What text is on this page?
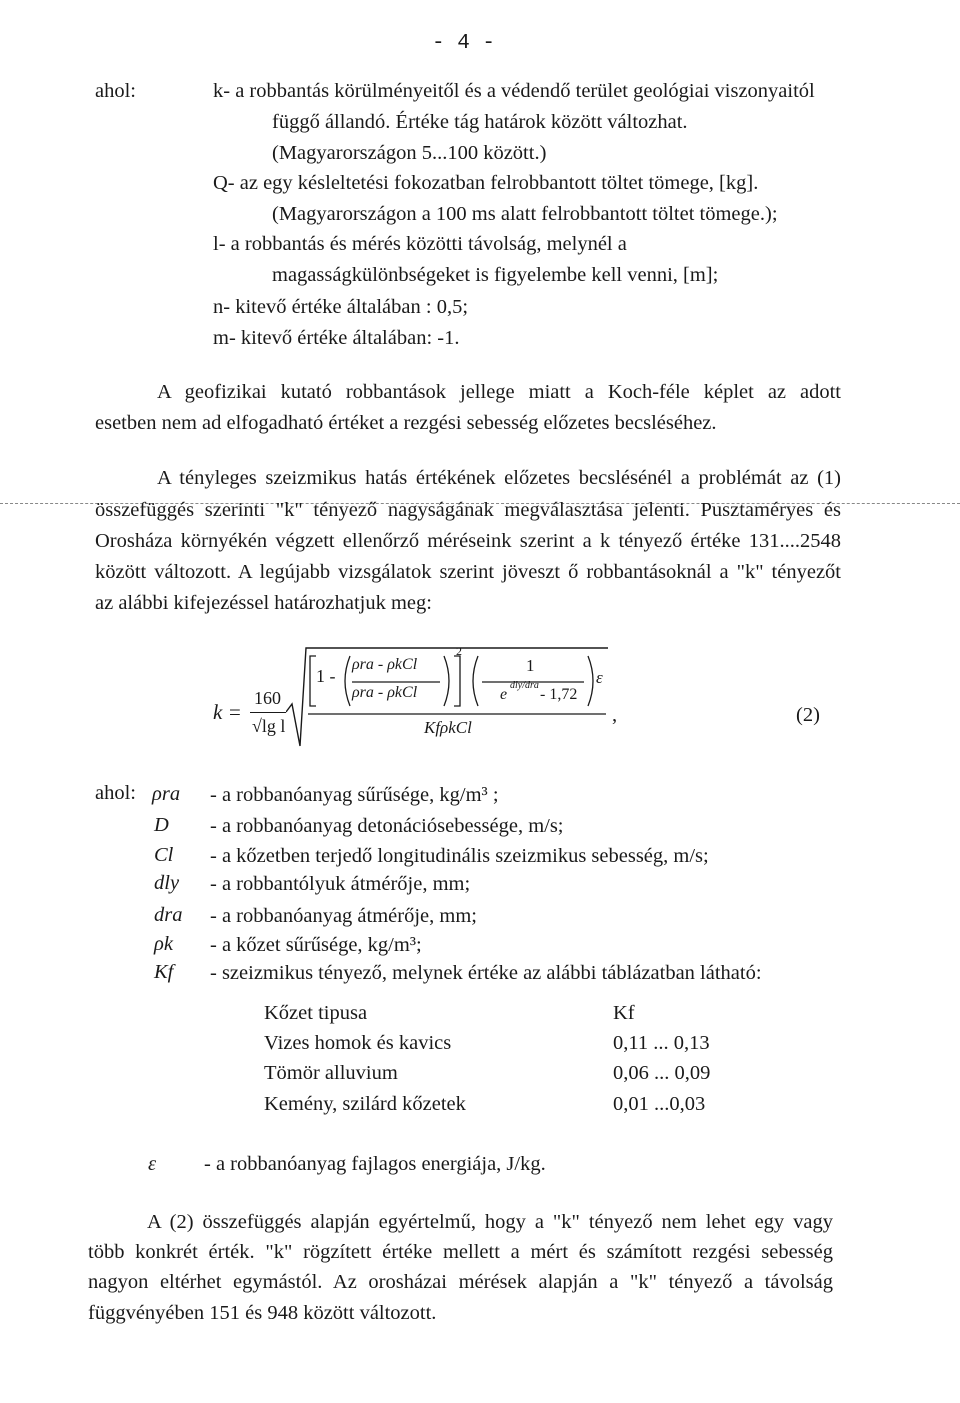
- 4 -
ahol:	k- a robbantás körülményeitől és a védendő terület geológiai viszonyaitól
függő állandó. Értéke tág határok között változhat.
(Magyarországon 5...100 között.)
Q- az egy késleltetési fokozatban felrobbantott töltet tömege, [kg].
(Magyarországon a 100 ms alatt felrobbantott töltet tömege.);
l- a robbantás és mérés közötti távolság, melynél a
magasságkülönbségeket is figyelembe kell venni, [m];
n- kitevő értéke általában : 0,5;
m- kitevő értéke általában: -1.
A geofizikai kutató robbantások jellege miatt a Koch-féle képlet az adott
esetben nem ad elfogadható értéket a rezgési sebesség előzetes becsléséhez.
A tényleges szeizmikus hatás értékének előzetes becslésénél a problémát az (1)
összefüggés szerinti "k" tényező nagyságának megválasztása jelenti. Pusztaméryes és
Orosháza környékén végzett ellenőrző méréseink szerint a k tényező értéke 131....2548
között változott. A legújabb vizsgálatok szerint jöveszt ő robbantásoknál a "k" tényezőt
az alábbi kifejezéssel határozhatjuk meg:
k =
160
√lg l
1 -
ρra - ρkCl
ρra - ρkCl
2
1
e
dly/dra
- 1,72
ε
KfρkCl
,	(2)
ahol: ρra - a robbanóanyag sűrűsége, kg/m³ ;
D - a robbanóanyag detonációsebessége, m/s;
Cl - a kőzetben terjedő longitudinális szeizmikus sebesség, m/s;
dly - a robbantólyuk átmérője, mm;
dra - a robbanóanyag átmérője, mm;
ρk - a kőzet sűrűsége, kg/m³;
Kf - szeizmikus tényező, melynek értéke az alábbi táblázatban látható:
Kőzet tipusa	Kf
Vizes homok és kavics	0,11 ... 0,13
Tömör alluvium	0,06 ... 0,09
Kemény, szilárd kőzetek	0,01 ...0,03
ε - a robbanóanyag fajlagos energiája, J/kg.
A (2) összefüggés alapján egyértelmű, hogy a "k" tényező nem lehet egy vagy
több konkrét érték. "k" rögzített értéke mellett a mért és számított rezgési sebesség
nagyon eltérhet egymástól. Az orosházai mérések alapján a "k" tényező a távolság
függvényében 151 és 948 között változott.
